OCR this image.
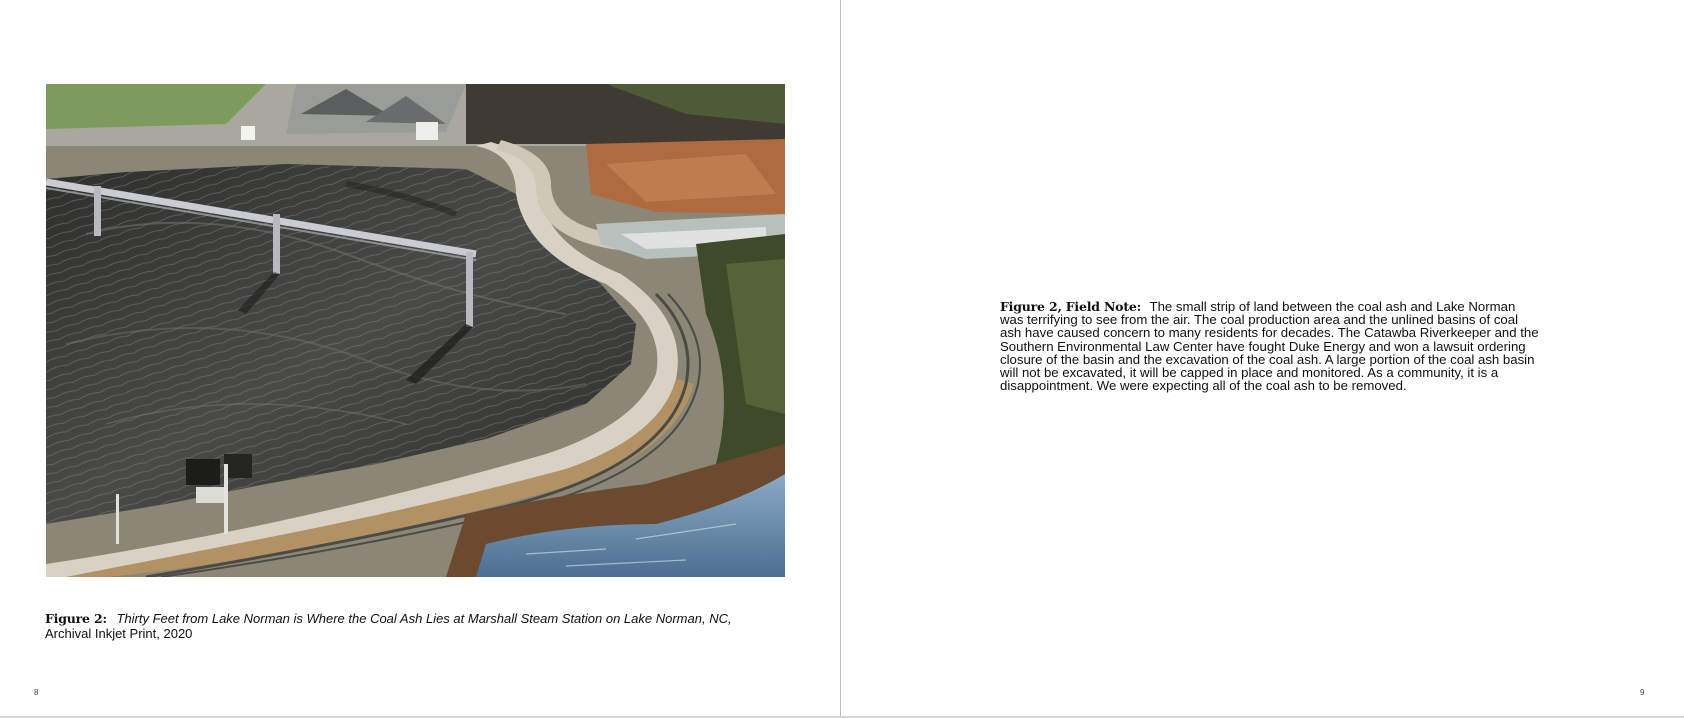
Figure 2: Thirty Feet from Lake Norman is Where the Coal Ash Lies at Marshall Steam Station on Lake Norman, NC,
Archival Inkjet Print, 2020
8	9
Figure 2, Field Note: The small strip of land between the coal ash and Lake Norman was terrifying to see from the air. The coal production area and the unlined basins of coal ash have caused concern to many residents for decades. The Catawba Riverkeeper and the Southern Environmental Law Center have fought Duke Energy and won a lawsuit ordering closure of the basin and the excavation of the coal ash. A large portion of the coal ash basin will not be excavated, it will be capped in place and monitored. As a community, it is a disappointment. We were expecting all of the coal ash to be removed.
